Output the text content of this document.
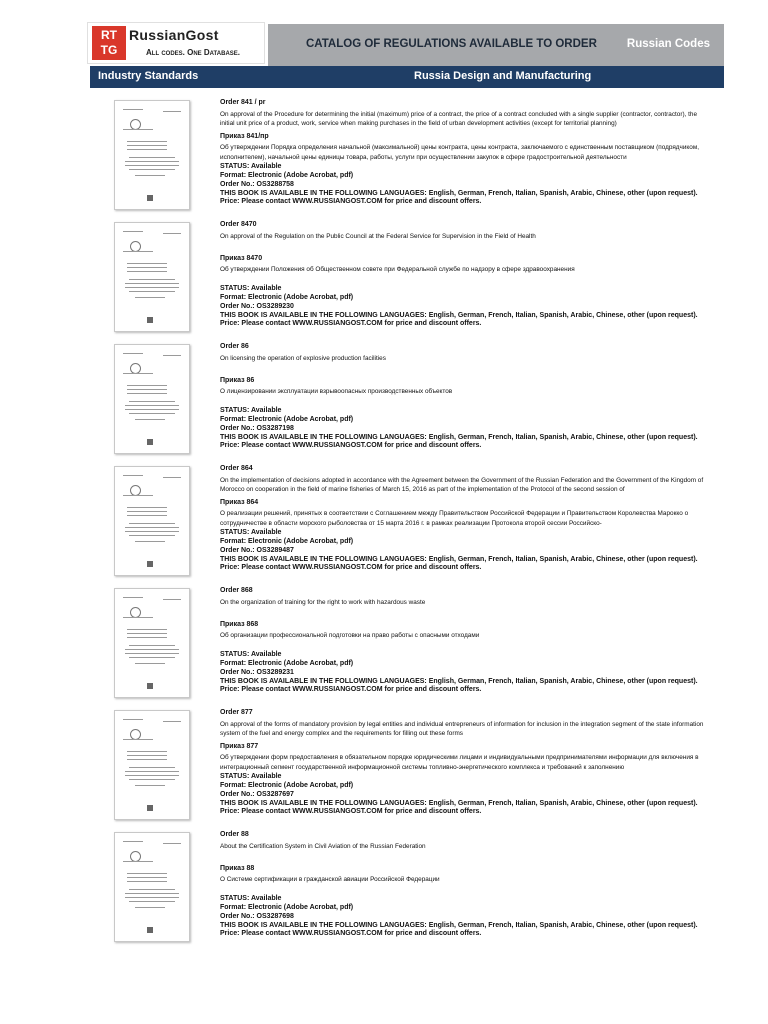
RT
TG
RussianGost
All codes. One Database.
CATALOG OF REGULATIONS AVAILABLE TO ORDER	Russian Codes
Industry Standards	Russia Design and Manufacturing

Order 841 / pr

On approval of the Procedure for determining the initial (maximum) price of a contract, the price of a contract concluded with a single supplier (contractor, contractor), the initial unit price of a product, work, service when making purchases in the field of urban development activities (except for territorial planning)

Приказ 841/пр

Об утверждении Порядка определения начальной (максимальной) цены контракта, цены контракта, заключаемого с единственным поставщиком (подрядчиком, исполнителем), начальной цены единицы товара, работы, услуги при осуществлении закупок в сфере градостроительной деятельности

STATUS: Available

Format: Electronic (Adobe Acrobat, pdf)

Order No.: OS3288758

THIS BOOK IS AVAILABLE IN THE FOLLOWING LANGUAGES: English, German, French, Italian, Spanish, Arabic, Chinese, other (upon request).

Price: Please contact WWW.RUSSIANGOST.COM for price and discount offers.

Order 8470

On approval of the Regulation on the Public Council at the Federal Service for Supervision in the Field of Health

Приказ 8470

Об утверждении Положения об Общественном совете при Федеральной службе по надзору в сфере здравоохранения

STATUS: Available

Format: Electronic (Adobe Acrobat, pdf)

Order No.: OS3289230

THIS BOOK IS AVAILABLE IN THE FOLLOWING LANGUAGES: English, German, French, Italian, Spanish, Arabic, Chinese, other (upon request).

Price: Please contact WWW.RUSSIANGOST.COM for price and discount offers.

Order 86

On licensing the operation of explosive production facilities

Приказ 86

О лицензировании эксплуатации взрывоопасных производственных объектов

STATUS: Available

Format: Electronic (Adobe Acrobat, pdf)

Order No.: OS3287198

THIS BOOK IS AVAILABLE IN THE FOLLOWING LANGUAGES: English, German, French, Italian, Spanish, Arabic, Chinese, other (upon request).

Price: Please contact WWW.RUSSIANGOST.COM for price and discount offers.

Order 864

On the implementation of decisions adopted in accordance with the Agreement between the Government of the Russian Federation and the Government of the Kingdom of Morocco on cooperation in the field of marine fisheries of March 15, 2016 as part of the implementation of the Protocol of the second session of

Приказ 864

О реализации решений, принятых в соответствии с Соглашением между Правительством Российской Федерации и Правительством Королевства Марокко о сотрудничестве в области морского рыболовства от 15 марта 2016 г. в рамках реализации Протокола второй сессии Российско-

STATUS: Available

Format: Electronic (Adobe Acrobat, pdf)

Order No.: OS3289487

THIS BOOK IS AVAILABLE IN THE FOLLOWING LANGUAGES: English, German, French, Italian, Spanish, Arabic, Chinese, other (upon request).

Price: Please contact WWW.RUSSIANGOST.COM for price and discount offers.

Order 868

On the organization of training for the right to work with hazardous waste

Приказ 868

Об организации профессиональной подготовки на право работы с опасными отходами

STATUS: Available

Format: Electronic (Adobe Acrobat, pdf)

Order No.: OS3289231

THIS BOOK IS AVAILABLE IN THE FOLLOWING LANGUAGES: English, German, French, Italian, Spanish, Arabic, Chinese, other (upon request).

Price: Please contact WWW.RUSSIANGOST.COM for price and discount offers.

Order 877

On approval of the forms of mandatory provision by legal entities and individual entrepreneurs of information for inclusion in the integration segment of the state information system of the fuel and energy complex and the requirements for filling out these forms

Приказ 877

Об утверждении форм предоставления в обязательном порядке юридическими лицами и индивидуальными предпринимателями информации для включения в интеграционный сегмент государственной информационной системы топливно-энергетического комплекса и требований к заполнению

STATUS: Available

Format: Electronic (Adobe Acrobat, pdf)

Order No.: OS3287697

THIS BOOK IS AVAILABLE IN THE FOLLOWING LANGUAGES: English, German, French, Italian, Spanish, Arabic, Chinese, other (upon request).

Price: Please contact WWW.RUSSIANGOST.COM for price and discount offers.

Order 88

About the Certification System in Civil Aviation of the Russian Federation

Приказ 88

О Системе сертификации в гражданской авиации Российской Федерации

STATUS: Available

Format: Electronic (Adobe Acrobat, pdf)

Order No.: OS3287698

THIS BOOK IS AVAILABLE IN THE FOLLOWING LANGUAGES: English, German, French, Italian, Spanish, Arabic, Chinese, other (upon request).

Price: Please contact WWW.RUSSIANGOST.COM for price and discount offers.
